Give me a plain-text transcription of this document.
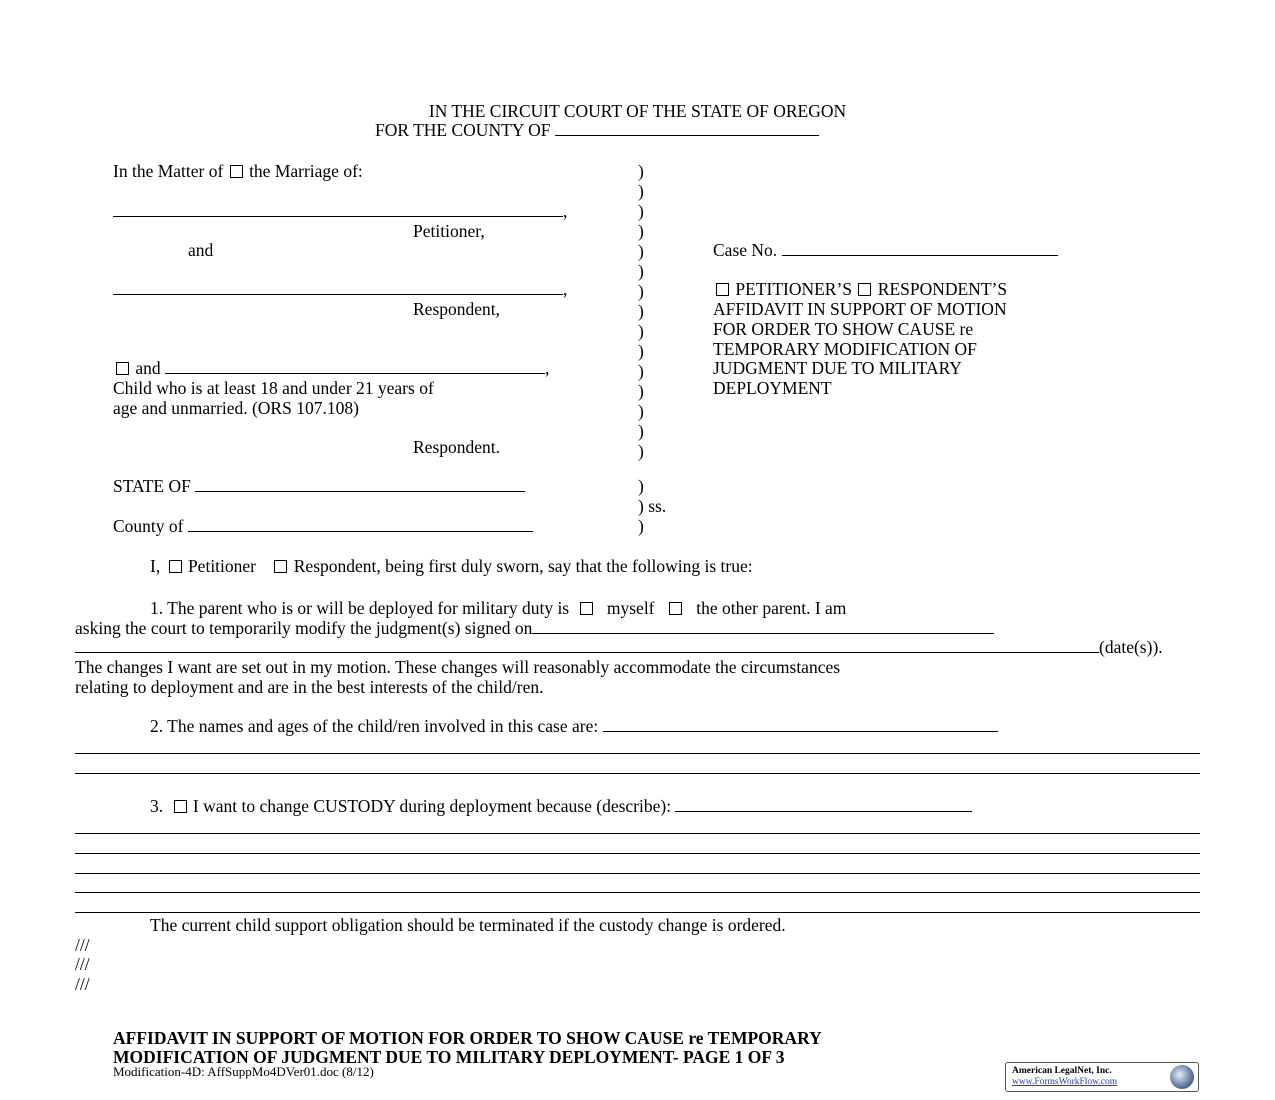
IN THE CIRCUIT COURT OF THE STATE OF OREGON
FOR THE COUNTY OF
In the Matter of the Marriage of:
,
Petitioner,
and
,
Respondent,
and	,
Child who is at least 18 and under 21 years of
age and unmarried. (ORS 107.108)
Respondent.
)
)
)
)
)
)
)
)
)
)
)
)
)
)
)
Case No.
PETITIONER’S RESPONDENT’S
AFFIDAVIT IN SUPPORT OF MOTION
FOR ORDER TO SHOW CAUSE re
TEMPORARY MODIFICATION OF
JUDGMENT DUE TO MILITARY
DEPLOYMENT
STATE OF
County of
)
) ss.
)
I, Petitioner Respondent, being first duly sworn, say that the following is true:
1. The parent who is or will be deployed for military duty is myself the other parent. I am
asking the court to temporarily modify the judgment(s) signed on
(date(s)).
The changes I want are set out in my motion. These changes will reasonably accommodate the circumstances
relating to deployment and are in the best interests of the child/ren.
2. The names and ages of the child/ren involved in this case are:
3. I want to change CUSTODY during deployment because (describe):
The current child support obligation should be terminated if the custody change is ordered.
///
///
///
AFFIDAVIT IN SUPPORT OF MOTION FOR ORDER TO SHOW CAUSE re TEMPORARY
MODIFICATION OF JUDGMENT DUE TO MILITARY DEPLOYMENT- PAGE 1 OF 3
Modification-4D: AffSuppMo4DVer01.doc (8/12)	American LegalNet, Inc.
www.FormsWorkFlow.com
